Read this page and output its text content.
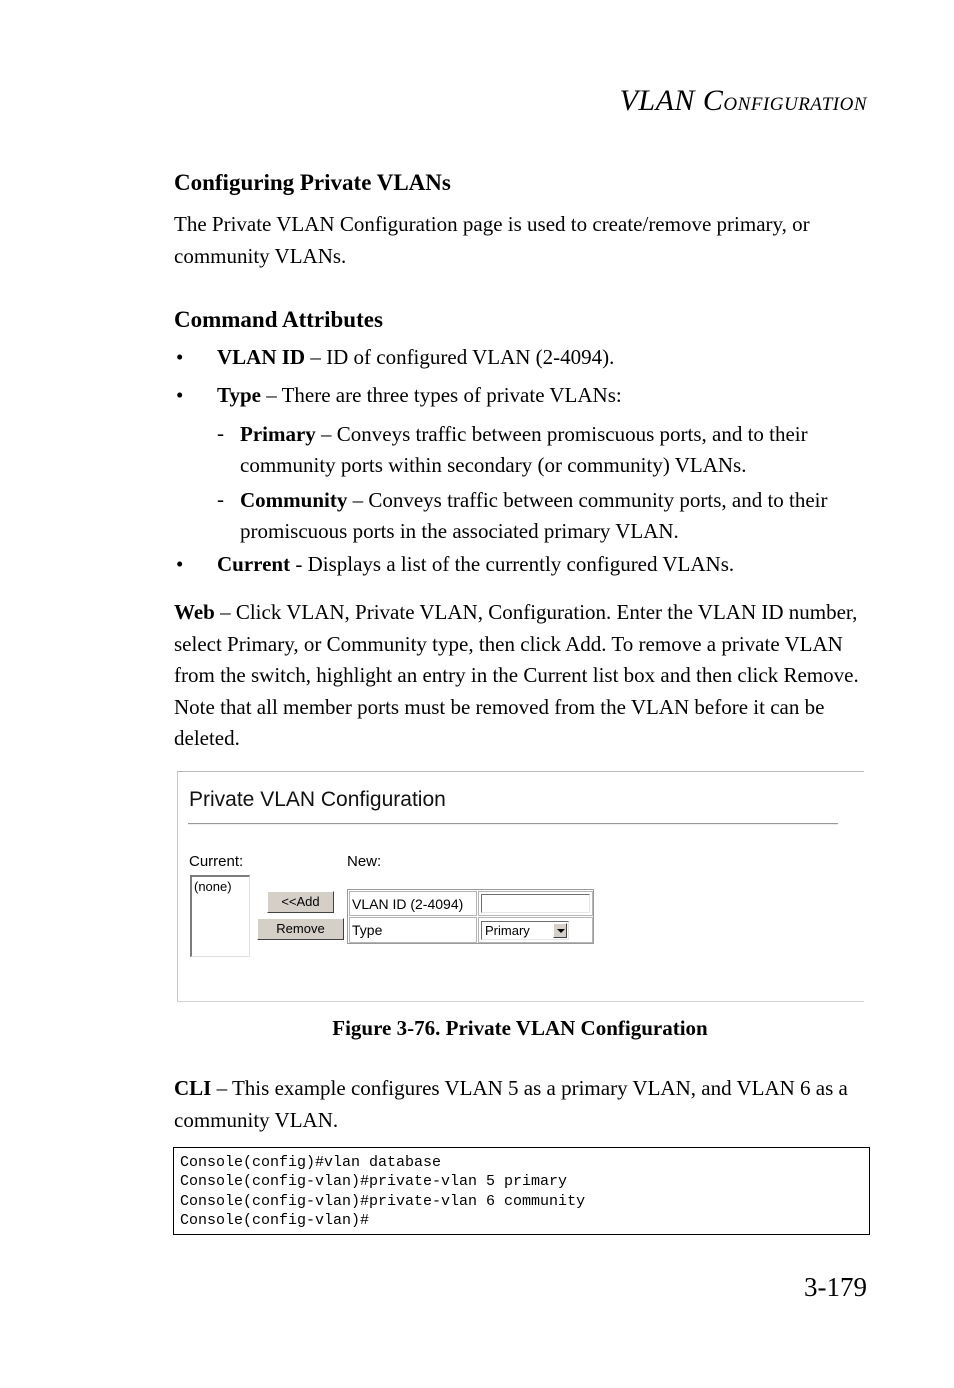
VLAN CONFIGURATION
Configuring Private VLANs
The Private VLAN Configuration page is used to create/remove primary, or community VLANs.
Command Attributes
• VLAN ID – ID of configured VLAN (2-4094).
• Type – There are three types of private VLANs:
- Primary – Conveys traffic between promiscuous ports, and to their community ports within secondary (or community) VLANs.
- Community – Conveys traffic between community ports, and to their promiscuous ports in the associated primary VLAN.
• Current - Displays a list of the currently configured VLANs.
Web – Click VLAN, Private VLAN, Configuration. Enter the VLAN ID number, select Primary, or Community type, then click Add. To remove a private VLAN from the switch, highlight an entry in the Current list box and then click Remove. Note that all member ports must be removed from the VLAN before it can be deleted.
Private VLAN Configuration
Current:	New:
(none)
<<Add
Remove
VLAN ID (2-4094)
Type	Primary
Figure 3-76. Private VLAN Configuration
CLI – This example configures VLAN 5 as a primary VLAN, and VLAN 6 as a community VLAN.
Console(config)#vlan database
Console(config-vlan)#private-vlan 5 primary
Console(config-vlan)#private-vlan 6 community
Console(config-vlan)#
3-179
